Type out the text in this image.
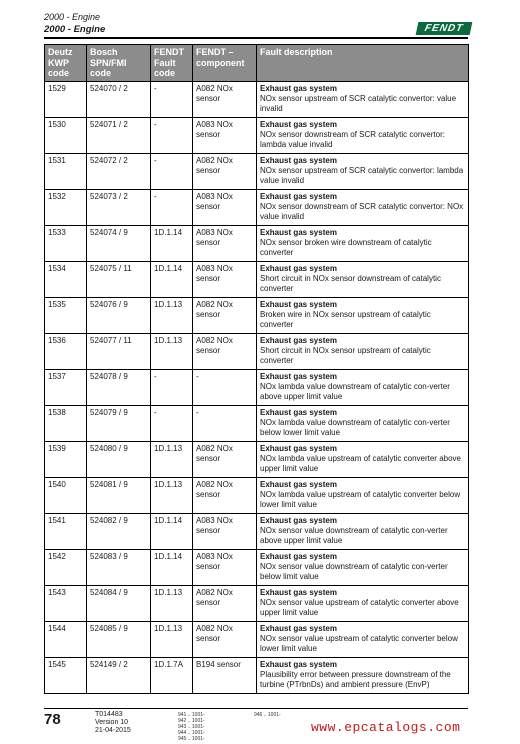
2000 - Engine
2000 - Engine	FENDT
Deutz KWP code	Bosch SPN/FMI code	FENDT Fault code	FENDT – component	Fault description
1529	524070 / 2	-	A082 NOx sensor	Exhaust gas system
NOx sensor upstream of SCR catalytic convertor: value invalid
1530	524071 / 2	-	A083 NOx sensor	Exhaust gas system
NOx sensor downstream of SCR catalytic convertor: lambda value invalid
1531	524072 / 2	-	A082 NOx sensor	Exhaust gas system
NOx sensor upstream of SCR catalytic convertor: lambda value invalid
1532	524073 / 2	-	A083 NOx sensor	Exhaust gas system
NOx sensor downstream of SCR catalytic convertor: NOx value invalid
1533	524074 / 9	1D.1.14	A083 NOx sensor	Exhaust gas system
NOx sensor broken wire downstream of catalytic converter
1534	524075 / 11	1D.1.14	A083 NOx sensor	Exhaust gas system
Short circuit in NOx sensor downstream of catalytic converter
1535	524076 / 9	1D.1.13	A082 NOx sensor	Exhaust gas system
Broken wire in NOx sensor upstream of catalytic converter
1536	524077 / 11	1D.1.13	A082 NOx sensor	Exhaust gas system
Short circuit in NOx sensor upstream of catalytic converter
1537	524078 / 9	-	-	Exhaust gas system
NOx lambda value downstream of catalytic con-verter above upper limit value
1538	524079 / 9	-	-	Exhaust gas system
NOx lambda value downstream of catalytic con-verter below lower limit value
1539	524080 / 9	1D.1.13	A082 NOx sensor	Exhaust gas system
NOx lambda value upstream of catalytic converter above upper limit value
1540	524081 / 9	1D.1.13	A082 NOx sensor	Exhaust gas system
NOx lambda value upstream of catalytic converter below lower limit value
1541	524082 / 9	1D.1.14	A083 NOx sensor	Exhaust gas system
NOx sensor value downstream of catalytic con-verter above upper limit value
1542	524083 / 9	1D.1.14	A083 NOx sensor	Exhaust gas system
NOx sensor value downstream of catalytic con-verter below limit value
1543	524084 / 9	1D.1.13	A082 NOx sensor	Exhaust gas system
NOx sensor value upstream of catalytic converter above upper limit value
1544	524085 / 9	1D.1.13	A082 NOx sensor	Exhaust gas system
NOx sensor value upstream of catalytic converter below lower limit value
1545	524149 / 2	1D.1.7A	B194 sensor	Exhaust gas system
Plausibility error between pressure downstream of the turbine (PTrbnDs) and ambient pressure (EnvP)
78	T014483
Version 10
21-04-2015
941 .. 1001-
942 .. 1001-
943 .. 1001-
944 .. 1001-
945 .. 1001-
946 .. 1001-
www.epcatalogs.com
